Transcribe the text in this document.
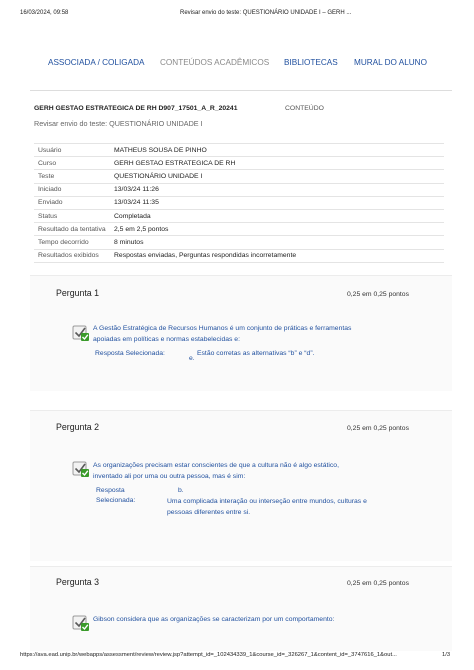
16/03/2024, 09:58	Revisar envio do teste: QUESTIONÁRIO UNIDADE I – GERH ...
ASSOCIADA / COLIGADA CONTEÚDOS ACADÊMICOS BIBLIOTECAS MURAL DO ALUNO
GERH GESTAO ESTRATEGICA DE RH D907_17501_A_R_20241	CONTEÚDO
Revisar envio do teste: QUESTIONÁRIO UNIDADE I
Usuário	MATHEUS SOUSA DE PINHO
Curso	GERH GESTAO ESTRATEGICA DE RH
Teste	QUESTIONÁRIO UNIDADE I
Iniciado	13/03/24 11:26
Enviado	13/03/24 11:35
Status	Completada
Resultado da tentativa	2,5 em 2,5 pontos
Tempo decorrido	8 minutos
Resultados exibidos	Respostas enviadas, Perguntas respondidas incorretamente
Pergunta 1	0,25 em 0,25 pontos
A Gestão Estratégica de Recursos Humanos é um conjunto de práticas e ferramentas
apoiadas em políticas e normas estabelecidas e:
Resposta Selecionada:
e.
Estão corretas as alternativas “b” e “d”.
Pergunta 2	0,25 em 0,25 pontos
As organizações precisam estar conscientes de que a cultura não é algo estático,
inventado ali por uma ou outra pessoa, mas é sim:
Resposta
Selecionada:
b.
Uma complicada interação ou interseção entre mundos, culturas e
pessoas diferentes entre si.
Pergunta 3	0,25 em 0,25 pontos
Gibson considera que as organizações se caracterizam por um comportamento:
https://ava.ead.unip.br/webapps/assessment/review/review.jsp?attempt_id=_102434339_1&course_id=_326267_1&content_id=_3747616_1&out...	1/3
